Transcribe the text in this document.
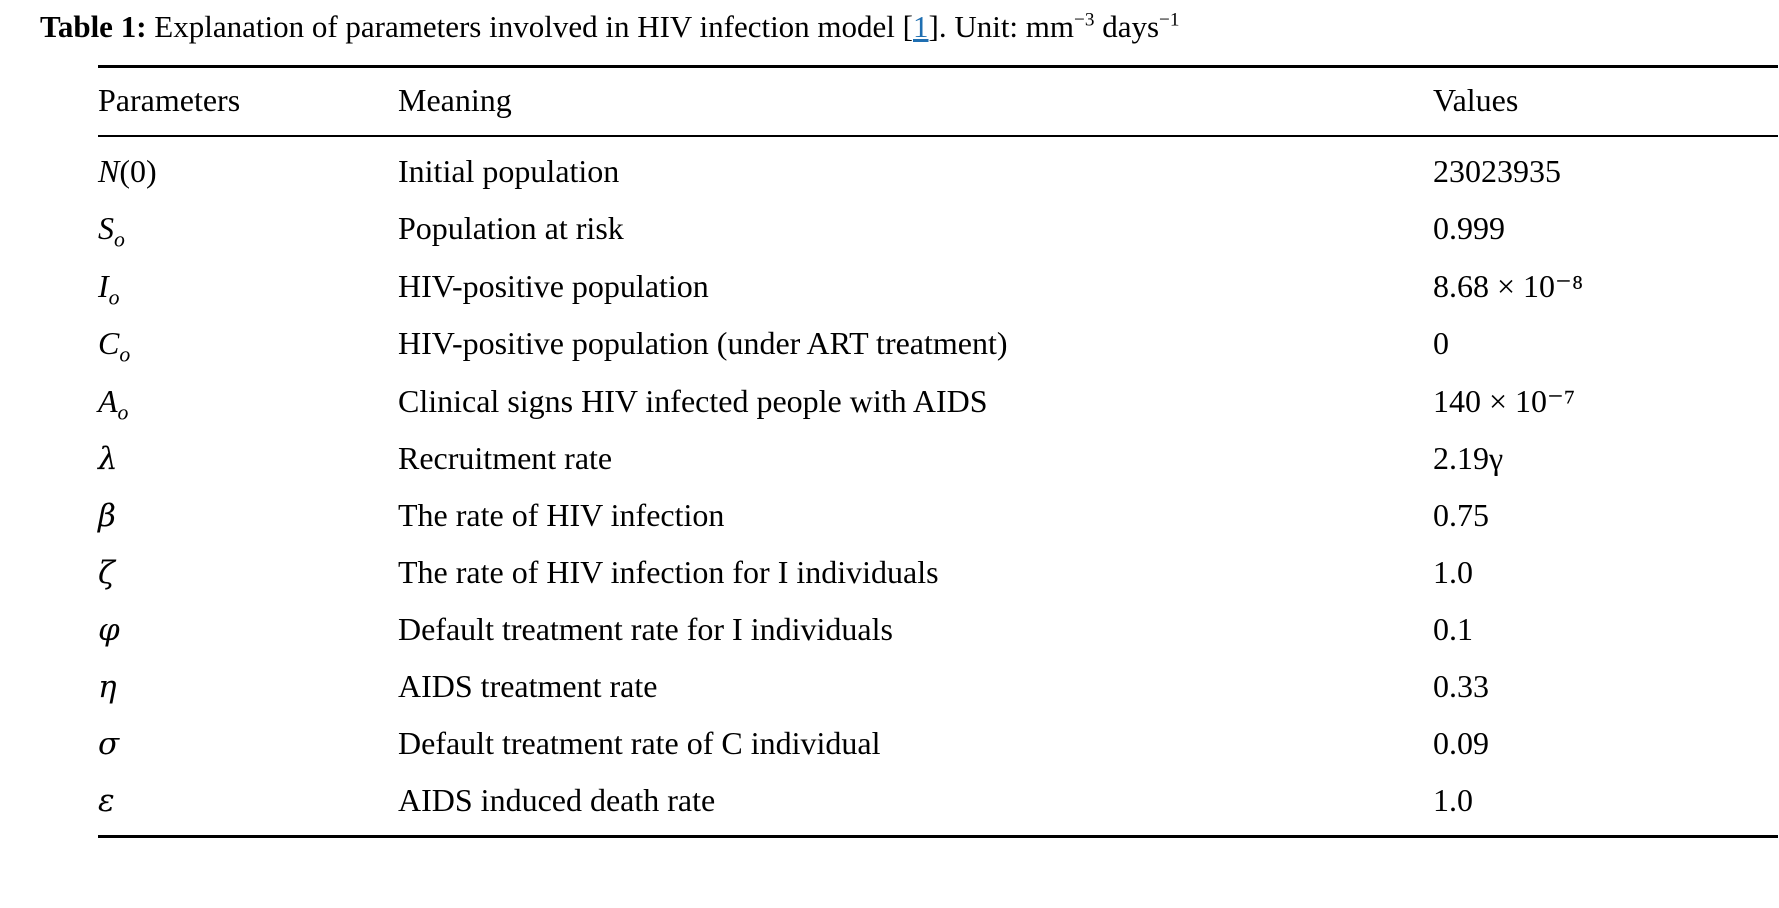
Table 1: Explanation of parameters involved in HIV infection model [1]. Unit: $mm^{-3}$ days$^{-1}$

Parameters	Meaning	Values

N(0)	Initial population	23023935
$S_o$	Population at risk	0.999
$I_o$	HIV-positive population	8.68 × 10⁻⁸
$C_o$	HIV-positive population (under ART treatment)	0
$A_o$	Clinical signs HIV infected people with AIDS	140 × 10⁻⁷
λ	Recruitment rate	2.19γ
β	The rate of HIV infection	0.75
ζ	The rate of HIV infection for I individuals	1.0
φ	Default treatment rate for I individuals	0.1
η	AIDS treatment rate	0.33
σ	Default treatment rate of C individual	0.09
ε	AIDS induced death rate	1.0
